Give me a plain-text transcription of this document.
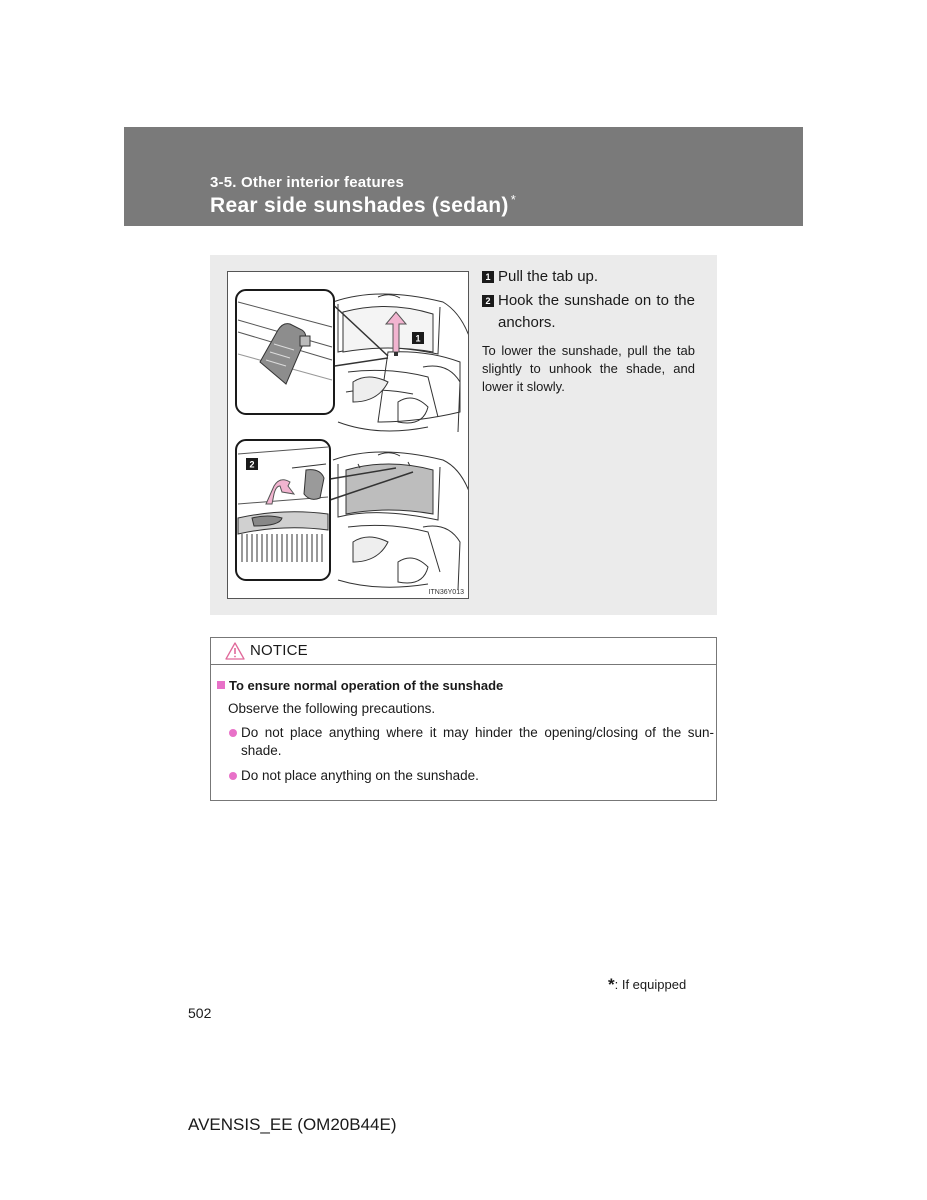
3-5. Other interior features

Rear side sunshades (sedan) *
1
2
ITN36Y013
1 Pull the tab up.
2 Hook the sunshade on to the anchors.
To lower the sunshade, pull the tab slightly to unhook the shade, and lower it slowly.
NOTICE
To ensure normal operation of the sunshade
Observe the following precautions.
Do not place anything where it may hinder the opening/closing of the sun-shade.
Do not place anything on the sunshade.
*: If equipped
502
AVENSIS_EE (OM20B44E)
